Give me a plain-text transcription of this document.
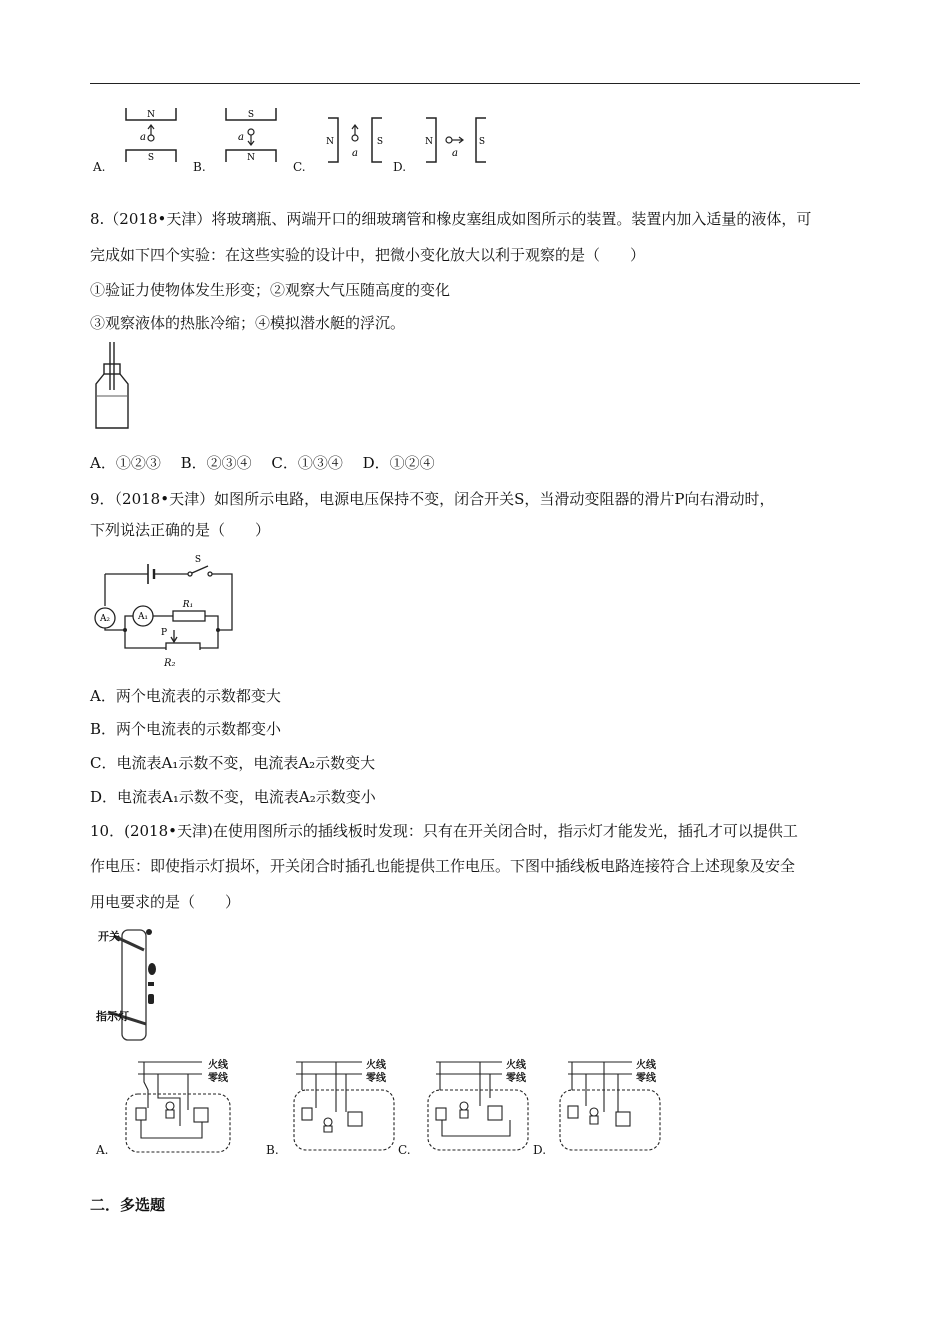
N
S
S
N
N	S	N	S
a	a
a	a
A.	B.	C.	D.
8.（2018•天津）将玻璃瓶、两端开口的细玻璃管和橡皮塞组成如图所示的装置。装置内加入适量的液体，可
完成如下四个实验：在这些实验的设计中，把微小变化放大以利于观察的是（　　）
①验证力使物体发生形变；②观察大气压随高度的变化
③观察液体的热胀冷缩；④模拟潜水艇的浮沉。
A．①②③　 B．②③④　 C．①③④　 D．①②④
9．（2018•天津）如图所示电路，电源电压保持不变，闭合开关S，当滑动变阻器的滑片P向右滑动时，
下列说法正确的是（　　）
S
A₂	A₁
R₁
P
R₂
A．两个电流表的示数都变大
B．两个电流表的示数都变小
C．电流表A₁示数不变，电流表A₂示数变大
D．电流表A₁示数不变，电流表A₂示数变小
10．(2018•天津)在使用图所示的插线板时发现：只有在开关闭合时，指示灯才能发光，插孔才可以提供工
作电压：即使指示灯损坏，开关闭合时插孔也能提供工作电压。下图中插线板电路连接符合上述现象及安全
用电要求的是（　　）
开关
指示灯
火线
零线
火线
零线
火线
零线
火线
零线
A.	B.	C.	D.
二．多选题
